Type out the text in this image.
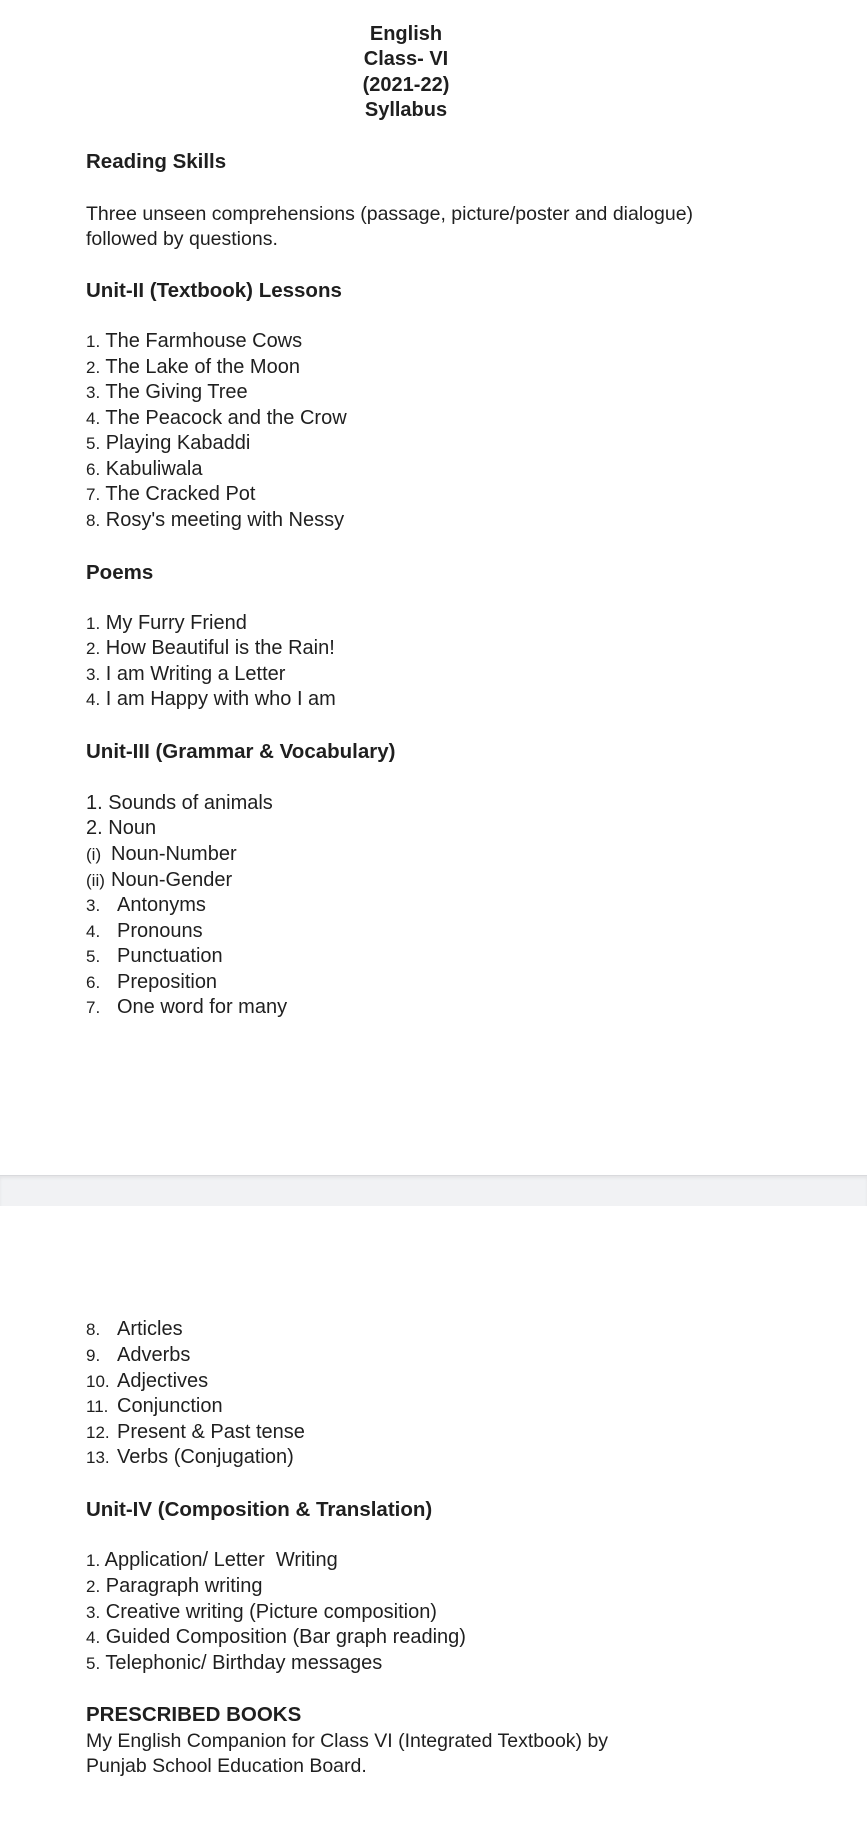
English
Class- VI
(2021-22)
Syllabus
Reading Skills
Three unseen comprehensions (passage, picture/poster and dialogue)
followed by questions.
Unit-II (Textbook) Lessons
1. The Farmhouse Cows
2. The Lake of the Moon
3. The Giving Tree
4. The Peacock and the Crow
5. Playing Kabaddi
6. Kabuliwala
7. The Cracked Pot
8. Rosy's meeting with Nessy
Poems
1. My Furry Friend
2. How Beautiful is the Rain!
3. I am Writing a Letter
4. I am Happy with who I am
Unit-III (Grammar & Vocabulary)
1. Sounds of animals
2. Noun
(i) Noun-Number
(ii) Noun-Gender
3. Antonyms
4. Pronouns
5. Punctuation
6. Preposition
7. One word for many
8. Articles
9. Adverbs
10. Adjectives
11. Conjunction
12. Present & Past tense
13. Verbs (Conjugation)
Unit-IV (Composition & Translation)
1. Application/ Letter  Writing
2. Paragraph writing
3. Creative writing (Picture composition)
4. Guided Composition (Bar graph reading)
5. Telephonic/ Birthday messages
PRESCRIBED BOOKS
My English Companion for Class VI (Integrated Textbook) by
Punjab School Education Board.
